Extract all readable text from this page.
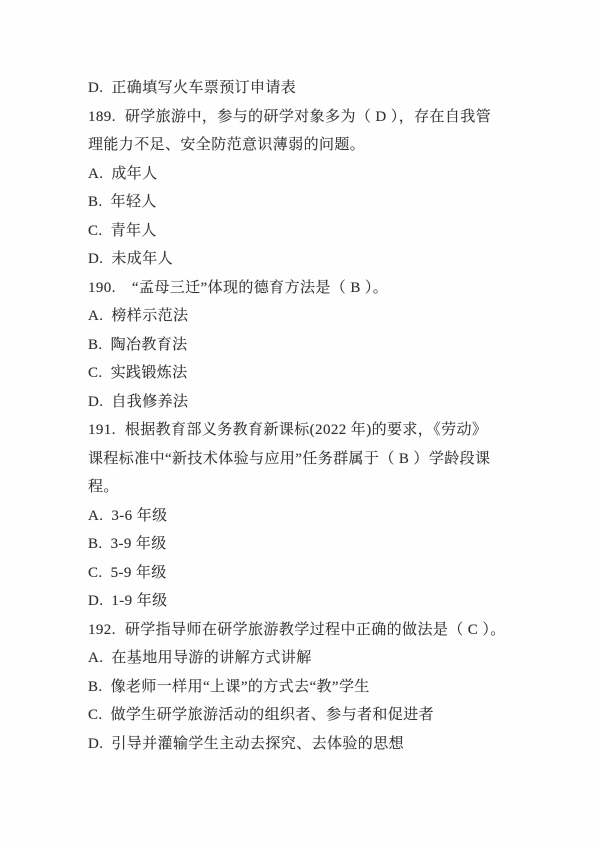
D. 正确填写火车票预订申请表

189. 研学旅游中，参与的研学对象多为（ D ），存在自我管

理能力不足、安全防范意识薄弱的问题。

A. 成年人

B. 年轻人

C. 青年人

D. 未成年人

190. “孟母三迁”体现的德育方法是（ B ）。

A. 榜样示范法

B. 陶冶教育法

C. 实践锻炼法

D. 自我修养法

191. 根据教育部义务教育新课标(2022 年)的要求，《劳动》

课程标准中“新技术体验与应用”任务群属于（ B ）学龄段课

程。

A. 3-6 年级

B. 3-9 年级

C. 5-9 年级

D. 1-9 年级

192. 研学指导师在研学旅游教学过程中正确的做法是（ C ）。

A. 在基地用导游的讲解方式讲解

B. 像老师一样用“上课”的方式去“教”学生

C. 做学生研学旅游活动的组织者、参与者和促进者

D. 引导并灌输学生主动去探究、去体验的思想
